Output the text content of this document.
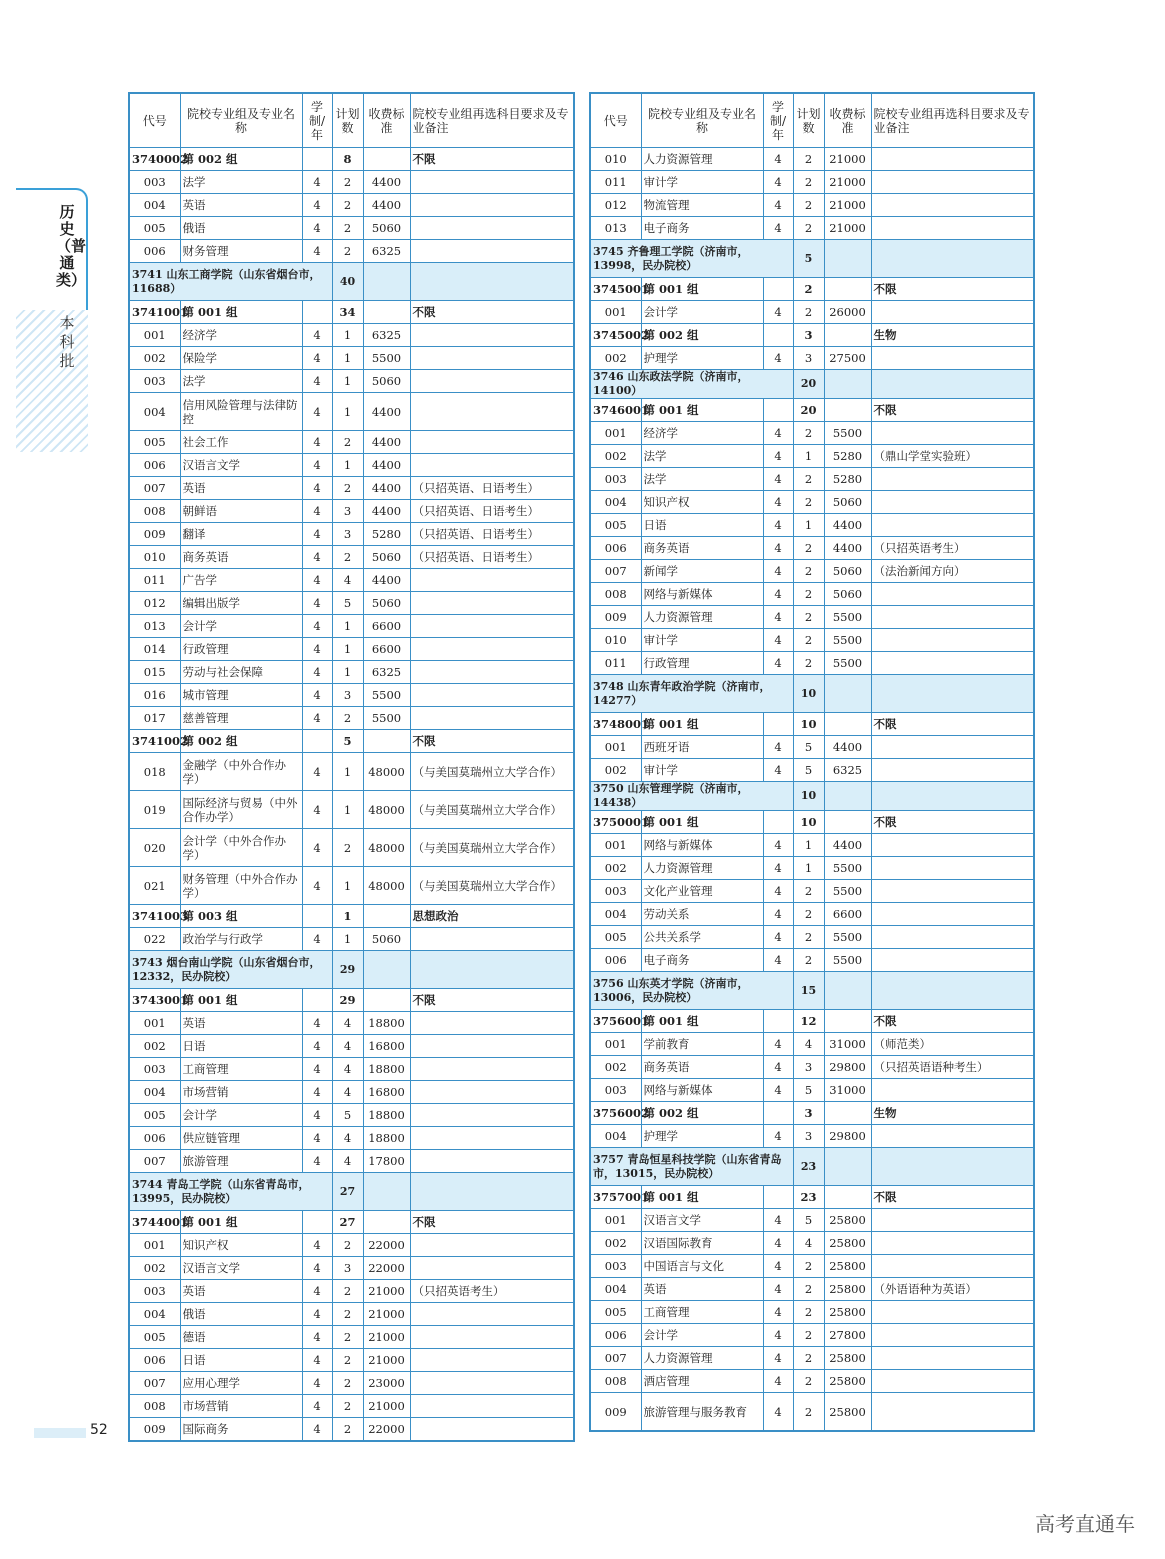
历史（普通类）
本科批
代号	院校专业组及专业名称	学制/年	计划数	收费标准	院校专业组再选科目要求及专业备注
3740002	第 002 组		8		不限
003	法学	4	2	4400	
004	英语	4	2	4400	
005	俄语	4	2	5060	
006	财务管理	4	2	6325	
3741 山东工商学院（山东省烟台市，11688）			40		
3741001	第 001 组		34		不限
001	经济学	4	1	6325	
002	保险学	4	1	5500	
003	法学	4	1	5060	
004	信用风险管理与法律防控	4	1	4400	
005	社会工作	4	2	4400	
006	汉语言文学	4	1	4400	
007	英语	4	2	4400	（只招英语、日语考生）
008	朝鲜语	4	3	4400	（只招英语、日语考生）
009	翻译	4	3	5280	（只招英语、日语考生）
010	商务英语	4	2	5060	（只招英语、日语考生）
011	广告学	4	4	4400	
012	编辑出版学	4	5	5060	
013	会计学	4	1	6600	
014	行政管理	4	1	6600	
015	劳动与社会保障	4	1	6325	
016	城市管理	4	3	5500	
017	慈善管理	4	2	5500	
3741002	第 002 组		5		不限
018	金融学（中外合作办学）	4	1	48000	（与美国莫瑞州立大学合作）
019	国际经济与贸易（中外合作办学）	4	1	48000	（与美国莫瑞州立大学合作）
020	会计学（中外合作办学）	4	2	48000	（与美国莫瑞州立大学合作）
021	财务管理（中外合作办学）	4	1	48000	（与美国莫瑞州立大学合作）
3741003	第 003 组		1		思想政治
022	政治学与行政学	4	1	5060	
3743 烟台南山学院（山东省烟台市，12332，民办院校）			29		
3743001	第 001 组		29		不限
001	英语	4	4	18800	
002	日语	4	4	16800	
003	工商管理	4	4	18800	
004	市场营销	4	4	16800	
005	会计学	4	5	18800	
006	供应链管理	4	4	18800	
007	旅游管理	4	4	17800	
3744 青岛工学院（山东省青岛市，13995，民办院校）			27		
3744001	第 001 组		27		不限
001	知识产权	4	2	22000	
002	汉语言文学	4	3	22000	
003	英语	4	2	21000	（只招英语考生）
004	俄语	4	2	21000	
005	德语	4	2	21000	
006	日语	4	2	21000	
007	应用心理学	4	2	23000	
008	市场营销	4	2	21000	
009	国际商务	4	2	22000	
代号	院校专业组及专业名称	学制/年	计划数	收费标准	院校专业组再选科目要求及专业备注
010	人力资源管理	4	2	21000	
011	审计学	4	2	21000	
012	物流管理	4	2	21000	
013	电子商务	4	2	21000	
3745 齐鲁理工学院（济南市，13998，民办院校）			5		
3745001	第 001 组		2		不限
001	会计学	4	2	26000	
3745002	第 002 组		3		生物
002	护理学	4	3	27500	
3746 山东政法学院（济南市，14100）			20		
3746001	第 001 组		20		不限
001	经济学	4	2	5500	
002	法学	4	1	5280	（鼎山学堂实验班）
003	法学	4	2	5280	
004	知识产权	4	2	5060	
005	日语	4	1	4400	
006	商务英语	4	2	4400	（只招英语考生）
007	新闻学	4	2	5060	（法治新闻方向）
008	网络与新媒体	4	2	5060	
009	人力资源管理	4	2	5500	
010	审计学	4	2	5500	
011	行政管理	4	2	5500	
3748 山东青年政治学院（济南市，14277）			10		
3748001	第 001 组		10		不限
001	西班牙语	4	5	4400	
002	审计学	4	5	6325	
3750 山东管理学院（济南市，14438）			10		
3750001	第 001 组		10		不限
001	网络与新媒体	4	1	4400	
002	人力资源管理	4	1	5500	
003	文化产业管理	4	2	5500	
004	劳动关系	4	2	6600	
005	公共关系学	4	2	5500	
006	电子商务	4	2	5500	
3756 山东英才学院（济南市，13006，民办院校）			15		
3756001	第 001 组		12		不限
001	学前教育	4	4	31000	（师范类）
002	商务英语	4	3	29800	（只招英语语种考生）
003	网络与新媒体	4	5	31000	
3756002	第 002 组		3		生物
004	护理学	4	3	29800	
3757 青岛恒星科技学院（山东省青岛市，13015，民办院校）			23		
3757001	第 001 组		23		不限
001	汉语言文学	4	5	25800	
002	汉语国际教育	4	4	25800	
003	中国语言与文化	4	2	25800	
004	英语	4	2	25800	（外语语种为英语）
005	工商管理	4	2	25800	
006	会计学	4	2	27800	
007	人力资源管理	4	2	25800	
008	酒店管理	4	2	25800	
009	旅游管理与服务教育	4	2	25800	
52
高考直通车
